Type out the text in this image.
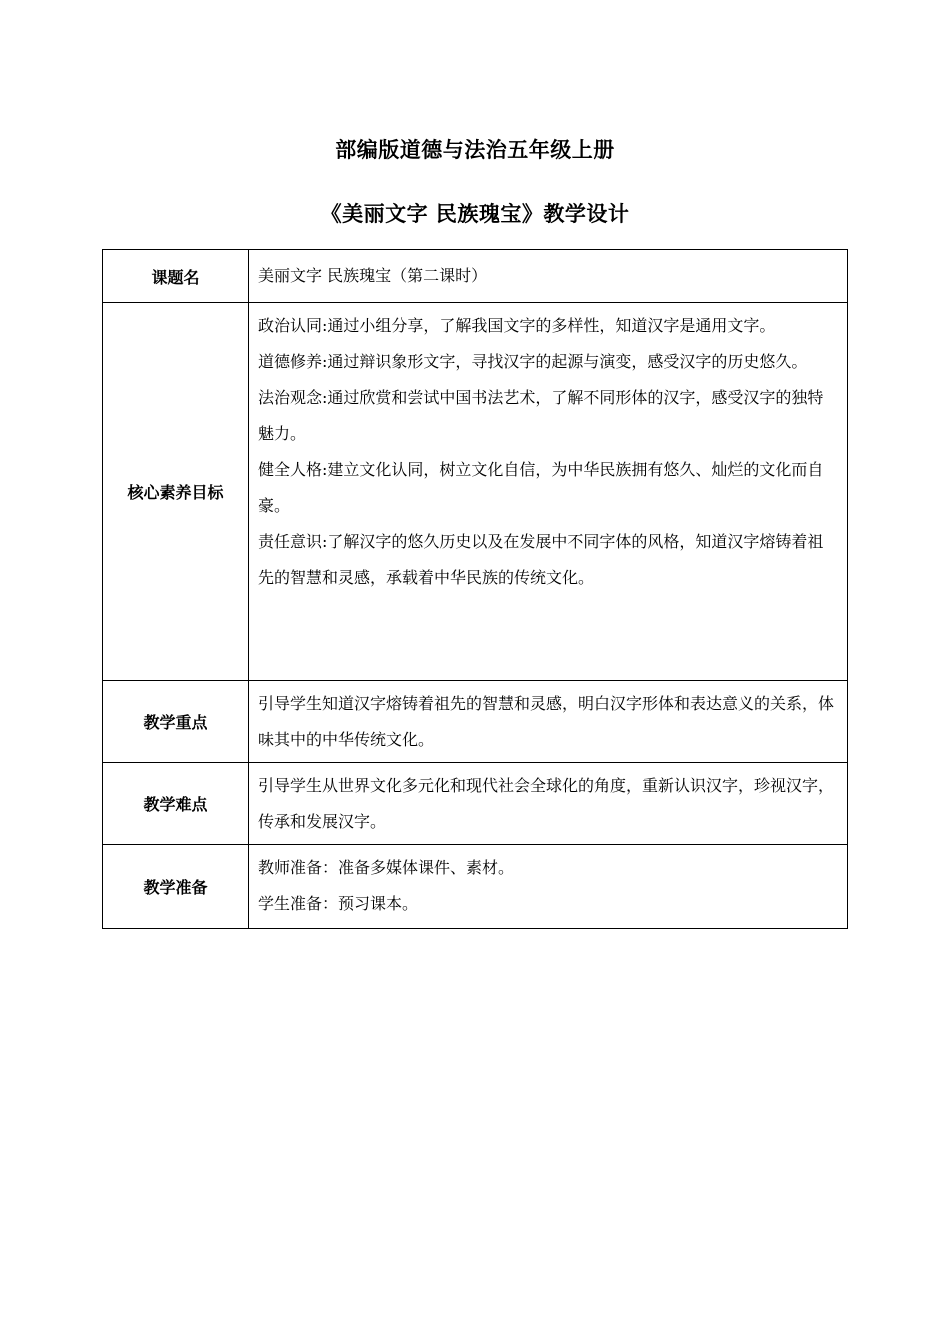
部编版道德与法治五年级上册
《美丽文字 民族瑰宝》教学设计
课题名	美丽文字 民族瑰宝（第二课时）

核心素养目标	政治认同:通过小组分享，了解我国文字的多样性，知道汉字是通用文字。

道德修养:通过辩识象形文字，寻找汉字的起源与演变，感受汉字的历史悠久。

法治观念:通过欣赏和尝试中国书法艺术，了解不同形体的汉字，感受汉字的独特魅力。

健全人格:建立文化认同，树立文化自信，为中华民族拥有悠久、灿烂的文化而自豪。

责任意识:了解汉字的悠久历史以及在发展中不同字体的风格，知道汉字熔铸着祖先的智慧和灵感，承载着中华民族的传统文化。

教学重点	引导学生知道汉字熔铸着祖先的智慧和灵感，明白汉字形体和表达意义的关系，体味其中的中华传统文化。

教学难点	引导学生从世界文化多元化和现代社会全球化的角度，重新认识汉字，珍视汉字，传承和发展汉字。

教学准备	教师准备：准备多媒体课件、素材。

学生准备：预习课本。
